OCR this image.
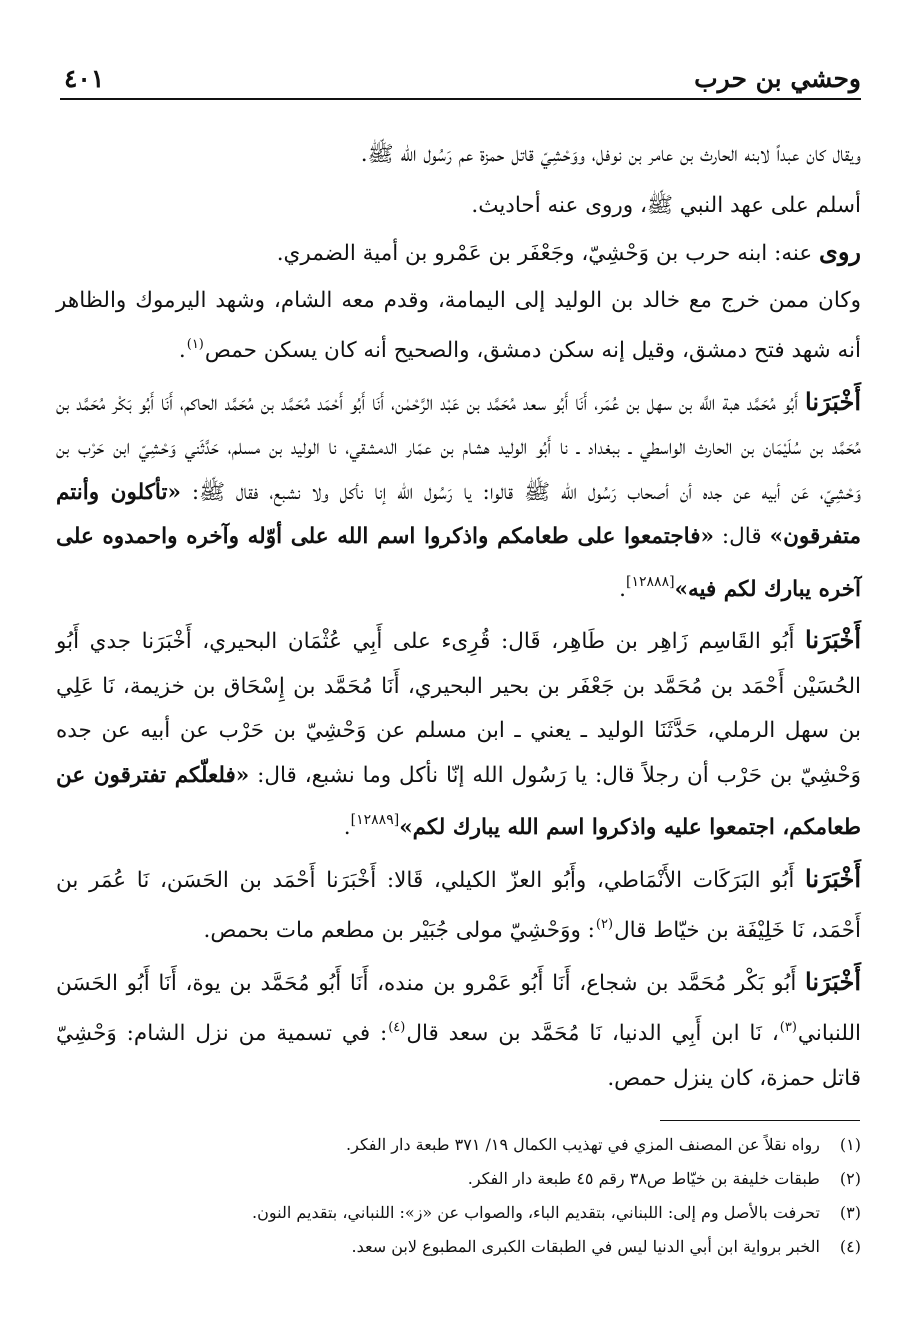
وحشي بن حرب
٤٠١

ويقال كان عبداً لابنه الحارث بن عامر بن نوفل، ووَحْشِيّ قاتل حمزة عم رَسُول الله ﷺ.

أسلم على عهد النبي ﷺ، وروى عنه أحاديث.

روى عنه: ابنه حرب بن وَحْشِيّ، وجَعْفَر بن عَمْرو بن أمية الضمري.

وكان ممن خرج مع خالد بن الوليد إلى اليمامة، وقدم معه الشام، وشهد اليرموك والظاهر أنه شهد فتح دمشق، وقيل إنه سكن دمشق، والصحيح أنه كان يسكن حمص$^{(١)}$.

أَخْبَرَنا أَبُو مُحَمَّد هبة اللَّه بن سهل بن عُمَر، أَنَا أَبُو سعد مُحَمَّد بن عَبْد الرَّحْمٰن، أَنَا أَبُو أَحْمَد مُحَمَّد بن مُحَمَّد الحاكم، أَنَا أَبُو بَكْر مُحَمَّد بن مُحَمَّد بن سُلَيْمَان بن الحارث الواسطي ـ ببغداد ـ نا أَبُو الوليد هشام بن عمّار الدمشقي، نا الوليد بن مسلم، حَدَّثَني وَحْشِيّ ابن حَرْب بن وَحْشِيّ، عَن أبيه عن جده أن أصحاب رَسُول الله ﷺ قالوا: يا رَسُول الله إنا نأكل ولا نشبع، فقال ﷺ: «تأكلون وأنتم متفرقون» قال: «فاجتمعوا على طعامكم واذكروا اسم الله على أوّله وآخره واحمدوه على آخره يبارك لكم فيه»[١٢٨٨٨].

أَخْبَرَنا أَبُو القَاسِم زَاهِر بن طَاهِر، قَال: قُرِىء على أَبِي عُثْمَان البحيري، أَخْبَرَنا جدي أَبُو الحُسَيْن أَحْمَد بن مُحَمَّد بن جَعْفَر بن بحير البحيري، أَنَا مُحَمَّد بن إِسْحَاق بن خزيمة، نَا عَلِي بن سهل الرملي، حَدَّثَنَا الوليد ـ يعني ـ ابن مسلم عن وَحْشِيّ بن حَرْب عن أبيه عن جده وَحْشِيّ بن حَرْب أن رجلاً قال: يا رَسُول الله إنّا نأكل وما نشبع، قال: «فلعلّكم تفترقون عن طعامكم، اجتمعوا عليه واذكروا اسم الله يبارك لكم»[١٢٨٨٩].

أَخْبَرَنا أَبُو البَرَكَات الأَنْمَاطي، وأَبُو العزّ الكيلي، قَالا: أَخْبَرَنا أَحْمَد بن الحَسَن، نَا عُمَر بن أَحْمَد، نَا خَلِيْفَة بن خيّاط قال$^{(٢)}$: ووَحْشِيّ مولى جُبَيْر بن مطعم مات بحمص.

أَخْبَرَنا أَبُو بَكْر مُحَمَّد بن شجاع، أَنَا أَبُو عَمْرو بن منده، أَنَا أَبُو مُحَمَّد بن يوة، أَنَا أَبُو الحَسَن اللنباني$^{(٣)}$، نَا ابن أَبِي الدنيا، نَا مُحَمَّد بن سعد قال$^{(٤)}$: في تسمية من نزل الشام: وَحْشِيّ قاتل حمزة، كان ينزل حمص.

(١) رواه نقلاً عن المصنف المزي في تهذيب الكمال ١٩/ ٣٧١ طبعة دار الفكر.
(٢) طبقات خليفة بن خيّاط ص٣٨ رقم ٤٥ طبعة دار الفكر.
(٣) تحرفت بالأصل وم إلى: اللبناني، بتقديم الباء، والصواب عن «ز»: اللنباني، بتقديم النون.
(٤) الخبر برواية ابن أبي الدنيا ليس في الطبقات الكبرى المطبوع لابن سعد.
